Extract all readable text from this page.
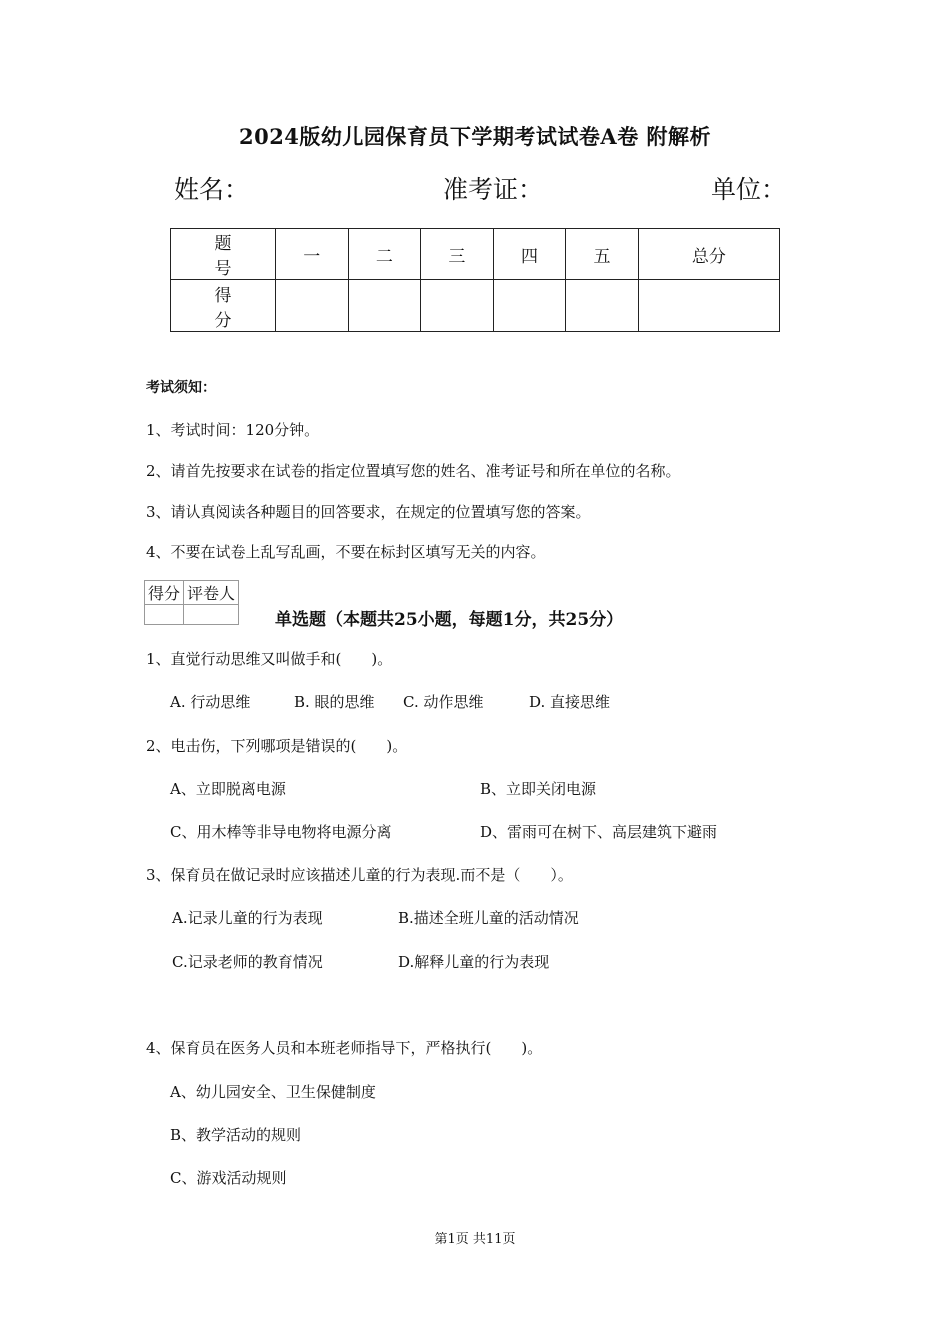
2024版幼儿园保育员下学期考试试卷A卷 附解析
姓名：	准考证：	单位：
题 号	一	二	三	四	五	总分
得 分						
考试须知：
1、考试时间：120分钟。
2、请首先按要求在试卷的指定位置填写您的姓名、准考证号和所在单位的名称。
3、请认真阅读各种题目的回答要求，在规定的位置填写您的答案。
4、不要在试卷上乱写乱画，不要在标封区填写无关的内容。
得分	评卷人

单选题（本题共25小题，每题1分，共25分）
1、直觉行动思维又叫做手和(　　)。
A. 行动思维	B. 眼的思维 C. 动作思维	D. 直接思维
2、电击伤，下列哪项是错误的(　　)。
A、立即脱离电源	B、立即关闭电源
C、用木棒等非导电物将电源分离	D、雷雨可在树下、高层建筑下避雨
3、保育员在做记录时应该描述儿童的行为表现.而不是（　　）。
A.记录儿童的行为表现	B.描述全班儿童的活动情况
C.记录老师的教育情况	D.解释儿童的行为表现
4、保育员在医务人员和本班老师指导下，严格执行(　　)。
A、幼儿园安全、卫生保健制度
B、教学活动的规则
C、游戏活动规则
第1页 共11页
